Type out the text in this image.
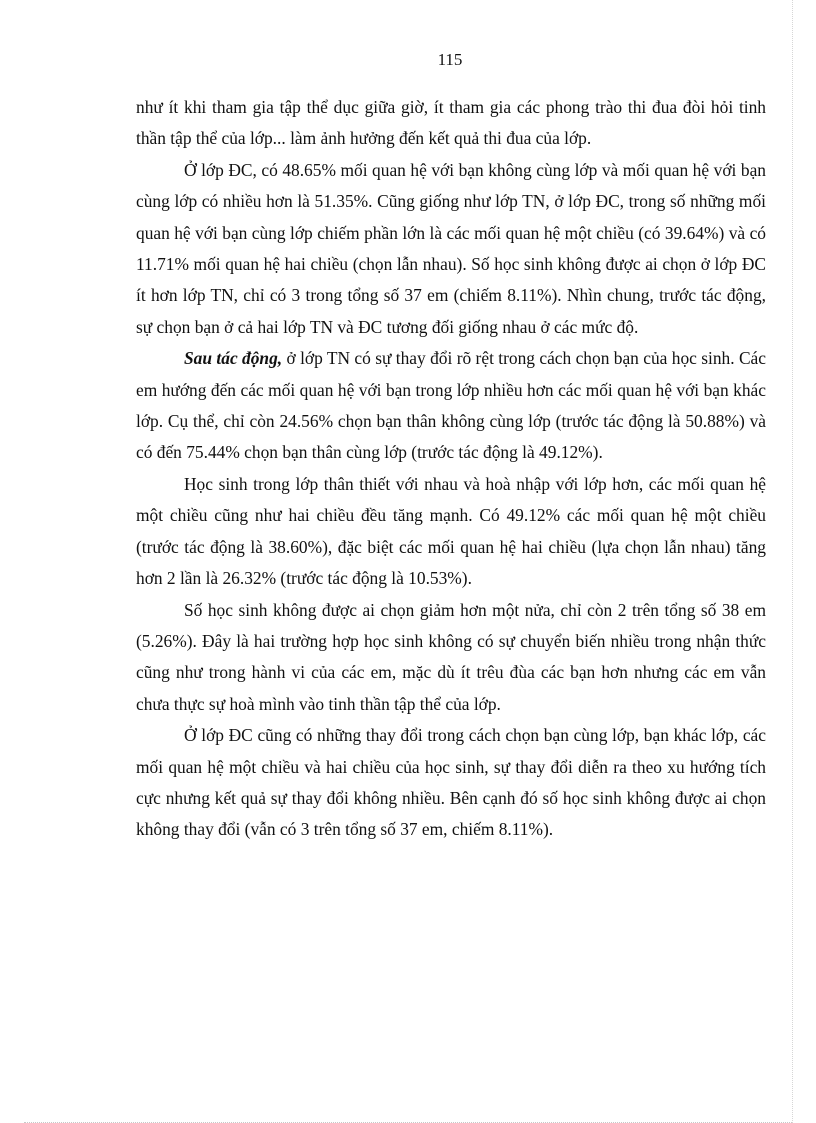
115

như ít khi tham gia tập thể dục giữa giờ, ít tham gia các phong trào thi đua đòi hỏi tinh thần tập thể của lớp... làm ảnh hưởng đến kết quả thi đua của lớp.

Ở lớp ĐC, có 48.65% mối quan hệ với bạn không cùng lớp và mối quan hệ với bạn cùng lớp có nhiều hơn là 51.35%. Cũng giống như lớp TN, ở lớp ĐC, trong số những mối quan hệ với bạn cùng lớp chiếm phần lớn là các mối quan hệ một chiều (có 39.64%) và có 11.71% mối quan hệ hai chiều (chọn lẫn nhau). Số học sinh không được ai chọn ở lớp ĐC ít hơn lớp TN, chỉ có 3 trong tổng số 37 em (chiếm 8.11%). Nhìn chung, trước tác động, sự chọn bạn ở cả hai lớp TN và ĐC tương đối giống nhau ở các mức độ.

Sau tác động, ở lớp TN có sự thay đổi rõ rệt trong cách chọn bạn của học sinh. Các em hướng đến các mối quan hệ với bạn trong lớp nhiều hơn các mối quan hệ với bạn khác lớp. Cụ thể, chỉ còn 24.56% chọn bạn thân không cùng lớp (trước tác động là 50.88%) và có đến 75.44% chọn bạn thân cùng lớp (trước tác động là 49.12%).

Học sinh trong lớp thân thiết với nhau và hoà nhập với lớp hơn, các mối quan hệ một chiều cũng như hai chiều đều tăng mạnh. Có 49.12% các mối quan hệ một chiều (trước tác động là 38.60%), đặc biệt các mối quan hệ hai chiều (lựa chọn lẫn nhau) tăng hơn 2 lần là 26.32% (trước tác động là 10.53%).

Số học sinh không được ai chọn giảm hơn một nửa, chỉ còn 2 trên tổng số 38 em (5.26%). Đây là hai trường hợp học sinh không có sự chuyển biến nhiều trong nhận thức cũng như trong hành vi của các em, mặc dù ít trêu đùa các bạn hơn nhưng các em vẫn chưa thực sự hoà mình vào tinh thần tập thể của lớp.

Ở lớp ĐC cũng có những thay đổi trong cách chọn bạn cùng lớp, bạn khác lớp, các mối quan hệ một chiều và hai chiều của học sinh, sự thay đổi diễn ra theo xu hướng tích cực nhưng kết quả sự thay đổi không nhiều. Bên cạnh đó số học sinh không được ai chọn không thay đổi (vẫn có 3 trên tổng số 37 em, chiếm 8.11%).
